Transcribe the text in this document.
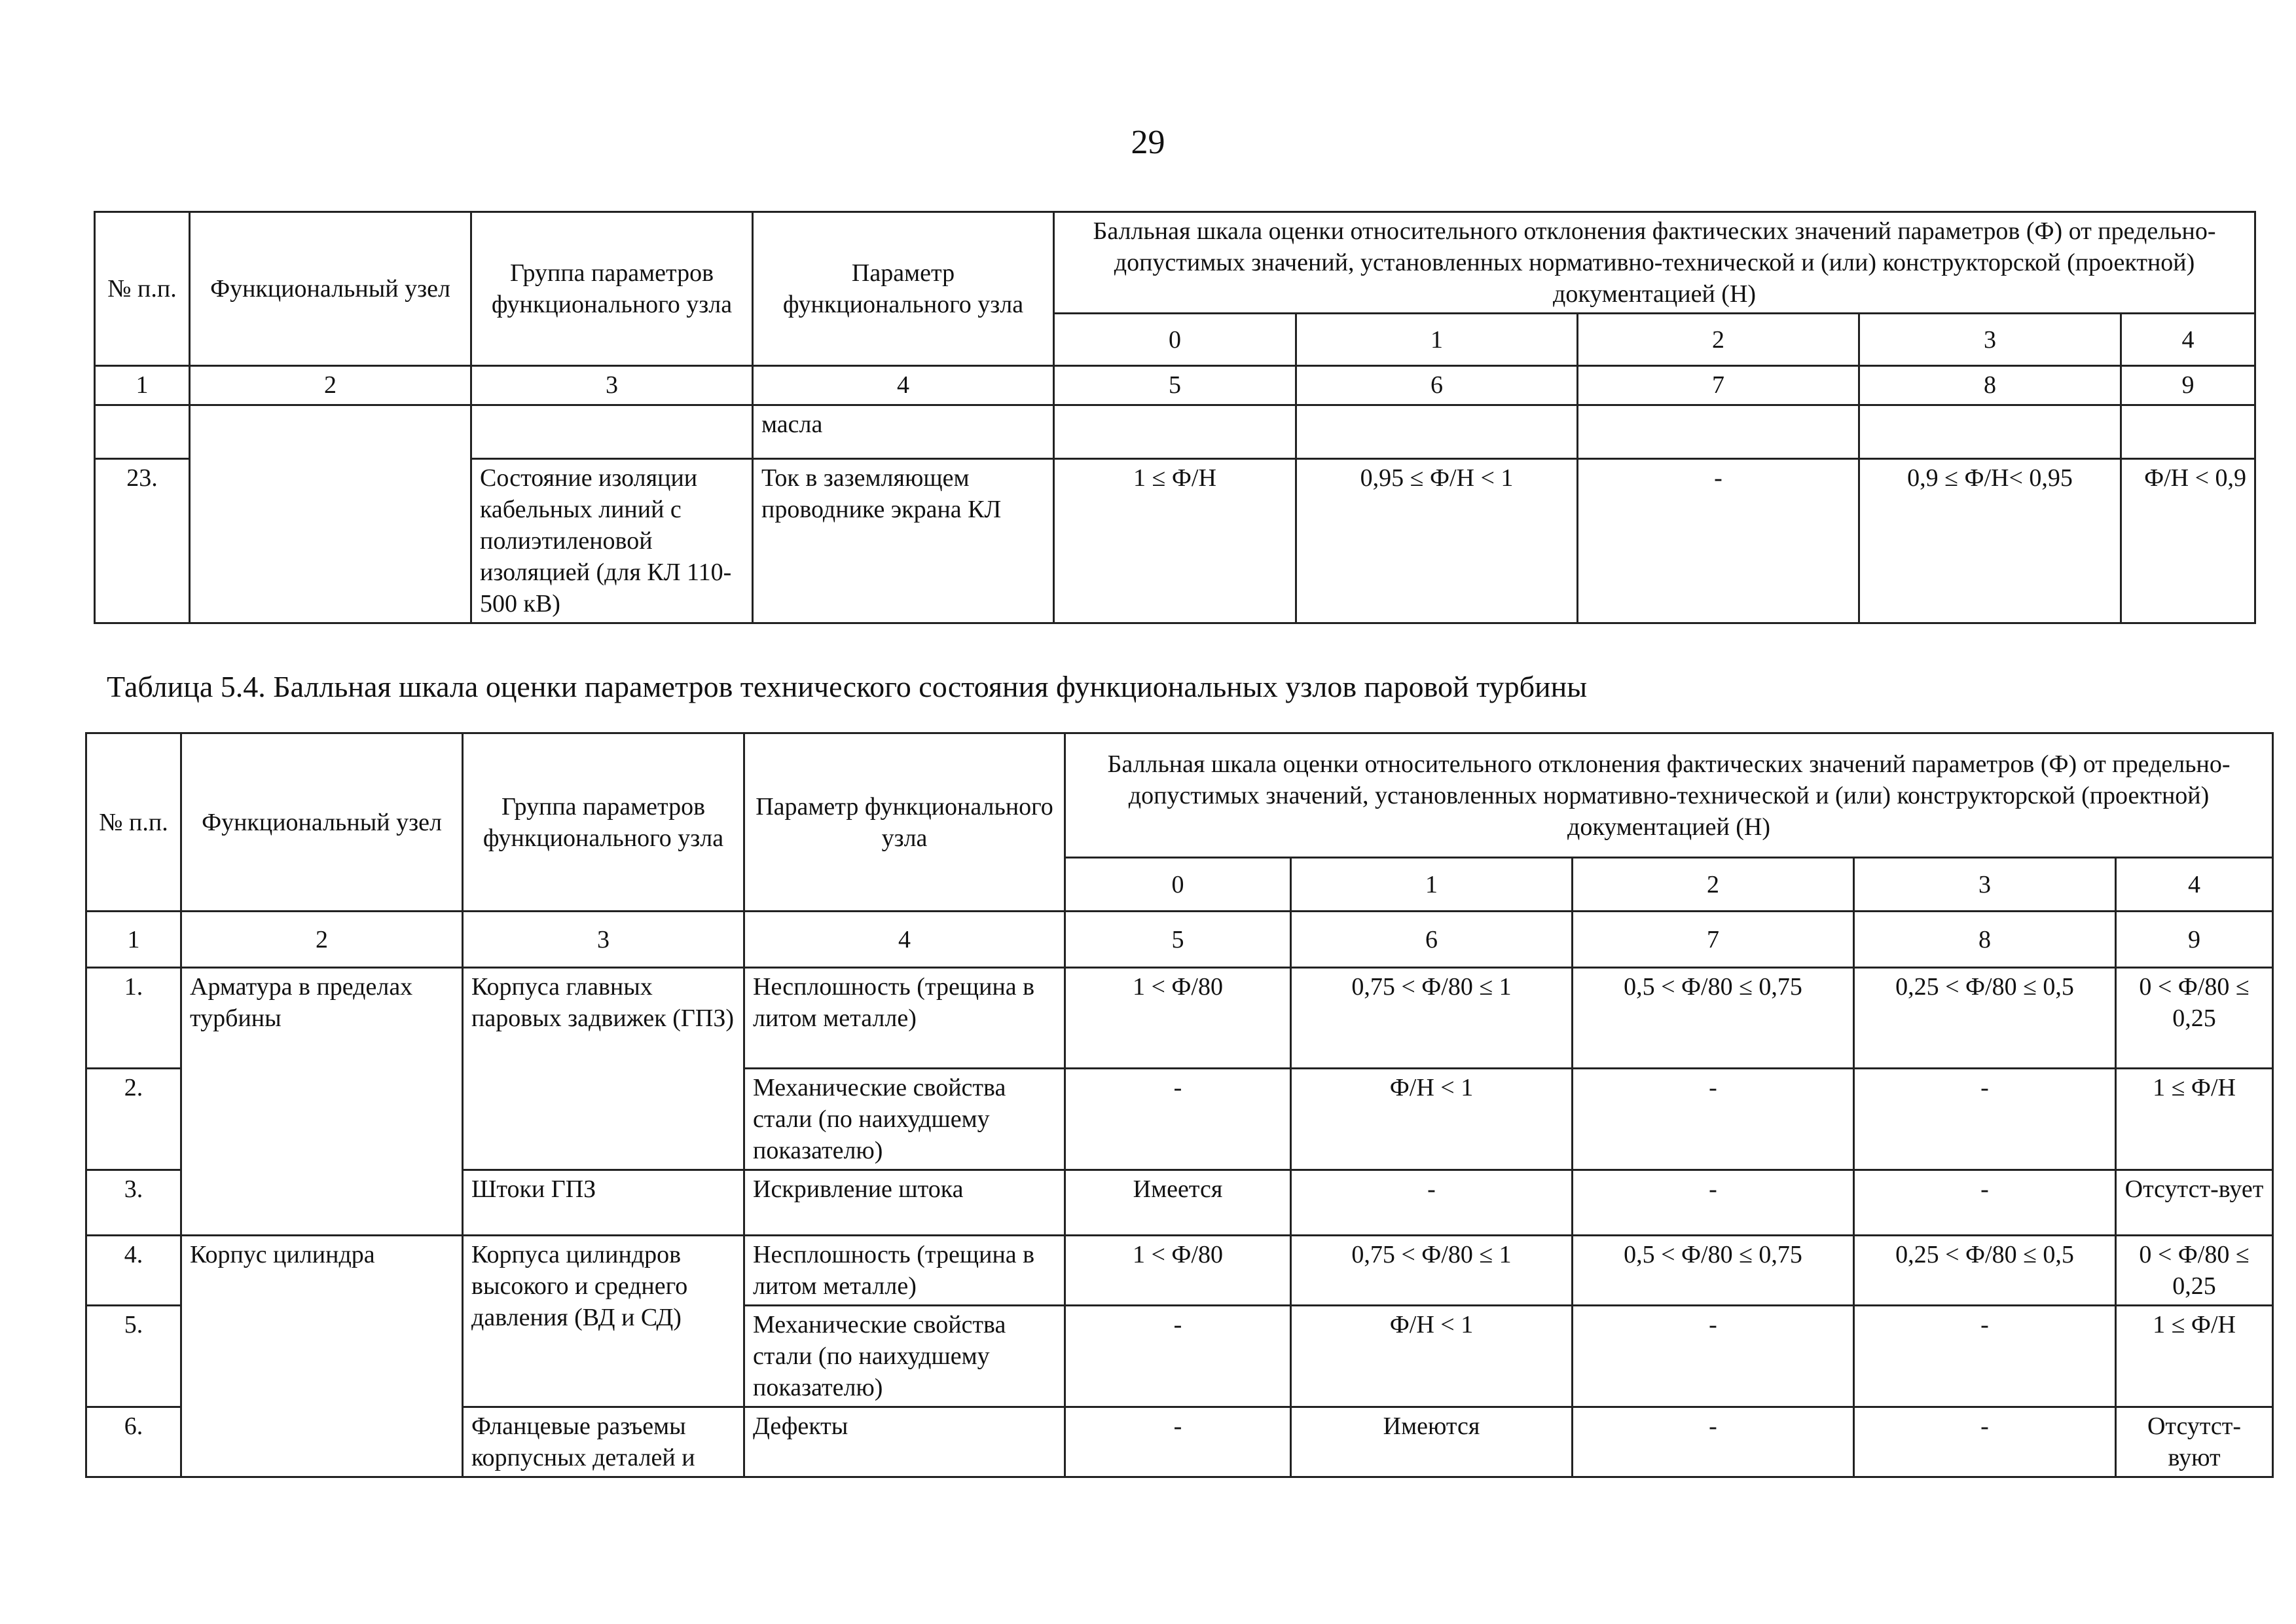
29
№ п.п.	Функциональный узел	Группа параметров функционального узла	Параметр функционального узла	Балльная шкала оценки относительного отклонения фактических значений параметров (Ф) от предельно-допустимых значений, установленных нормативно-технической и (или) конструкторской (проектной) документацией (Н)				
				0	1	2	3	4
1	2	3	4	5	6	7	8	9
			масла					
23.		Состояние изоляции кабельных линий с полиэтиленовой изоляцией (для КЛ 110-500 кВ)	Ток в заземляющем проводнике экрана КЛ	1 ≤ Ф/Н	0,95 ≤ Ф/Н < 1	-	0,9 ≤ Ф/Н< 0,95	Ф/Н < 0,9
Таблица 5.4. Балльная шкала оценки параметров технического состояния функциональных узлов паровой турбины
№ п.п.	Функциональный узел	Группа параметров функционального узла	Параметр функционального узла	Балльная шкала оценки относительного отклонения фактических значений параметров (Ф) от предельно-допустимых значений, установленных нормативно-технической и (или) конструкторской (проектной) документацией (Н)				
				0	1	2	3	4
1	2	3	4	5	6	7	8	9
1.	Арматура в пределах турбины	Корпуса главных паровых задвижек (ГПЗ)	Несплошность (трещина в литом металле)	1 < Ф/80	0,75 < Ф/80 ≤ 1	0,5 < Ф/80 ≤ 0,75	0,25 < Ф/80 ≤ 0,5	0 < Ф/80 ≤ 0,25
2.			Механические свойства стали (по наихудшему показателю)	-	Ф/Н < 1	-	-	1 ≤ Ф/Н
3.		Штоки ГПЗ	Искривление штока	Имеется	-	-	-	Отсутст-вует
4.	Корпус цилиндра	Корпуса цилиндров высокого и среднего давления (ВД и СД)	Несплошность (трещина в литом металле)	1 < Ф/80	0,75 < Ф/80 ≤ 1	0,5 < Ф/80 ≤ 0,75	0,25 < Ф/80 ≤ 0,5	0 < Ф/80 ≤ 0,25
5.			Механические свойства стали (по наихудшему показателю)	-	Ф/Н < 1	-	-	1 ≤ Ф/Н
6.		Фланцевые разъемы корпусных деталей и	Дефекты	-	Имеются	-	-	Отсутст-вуют
